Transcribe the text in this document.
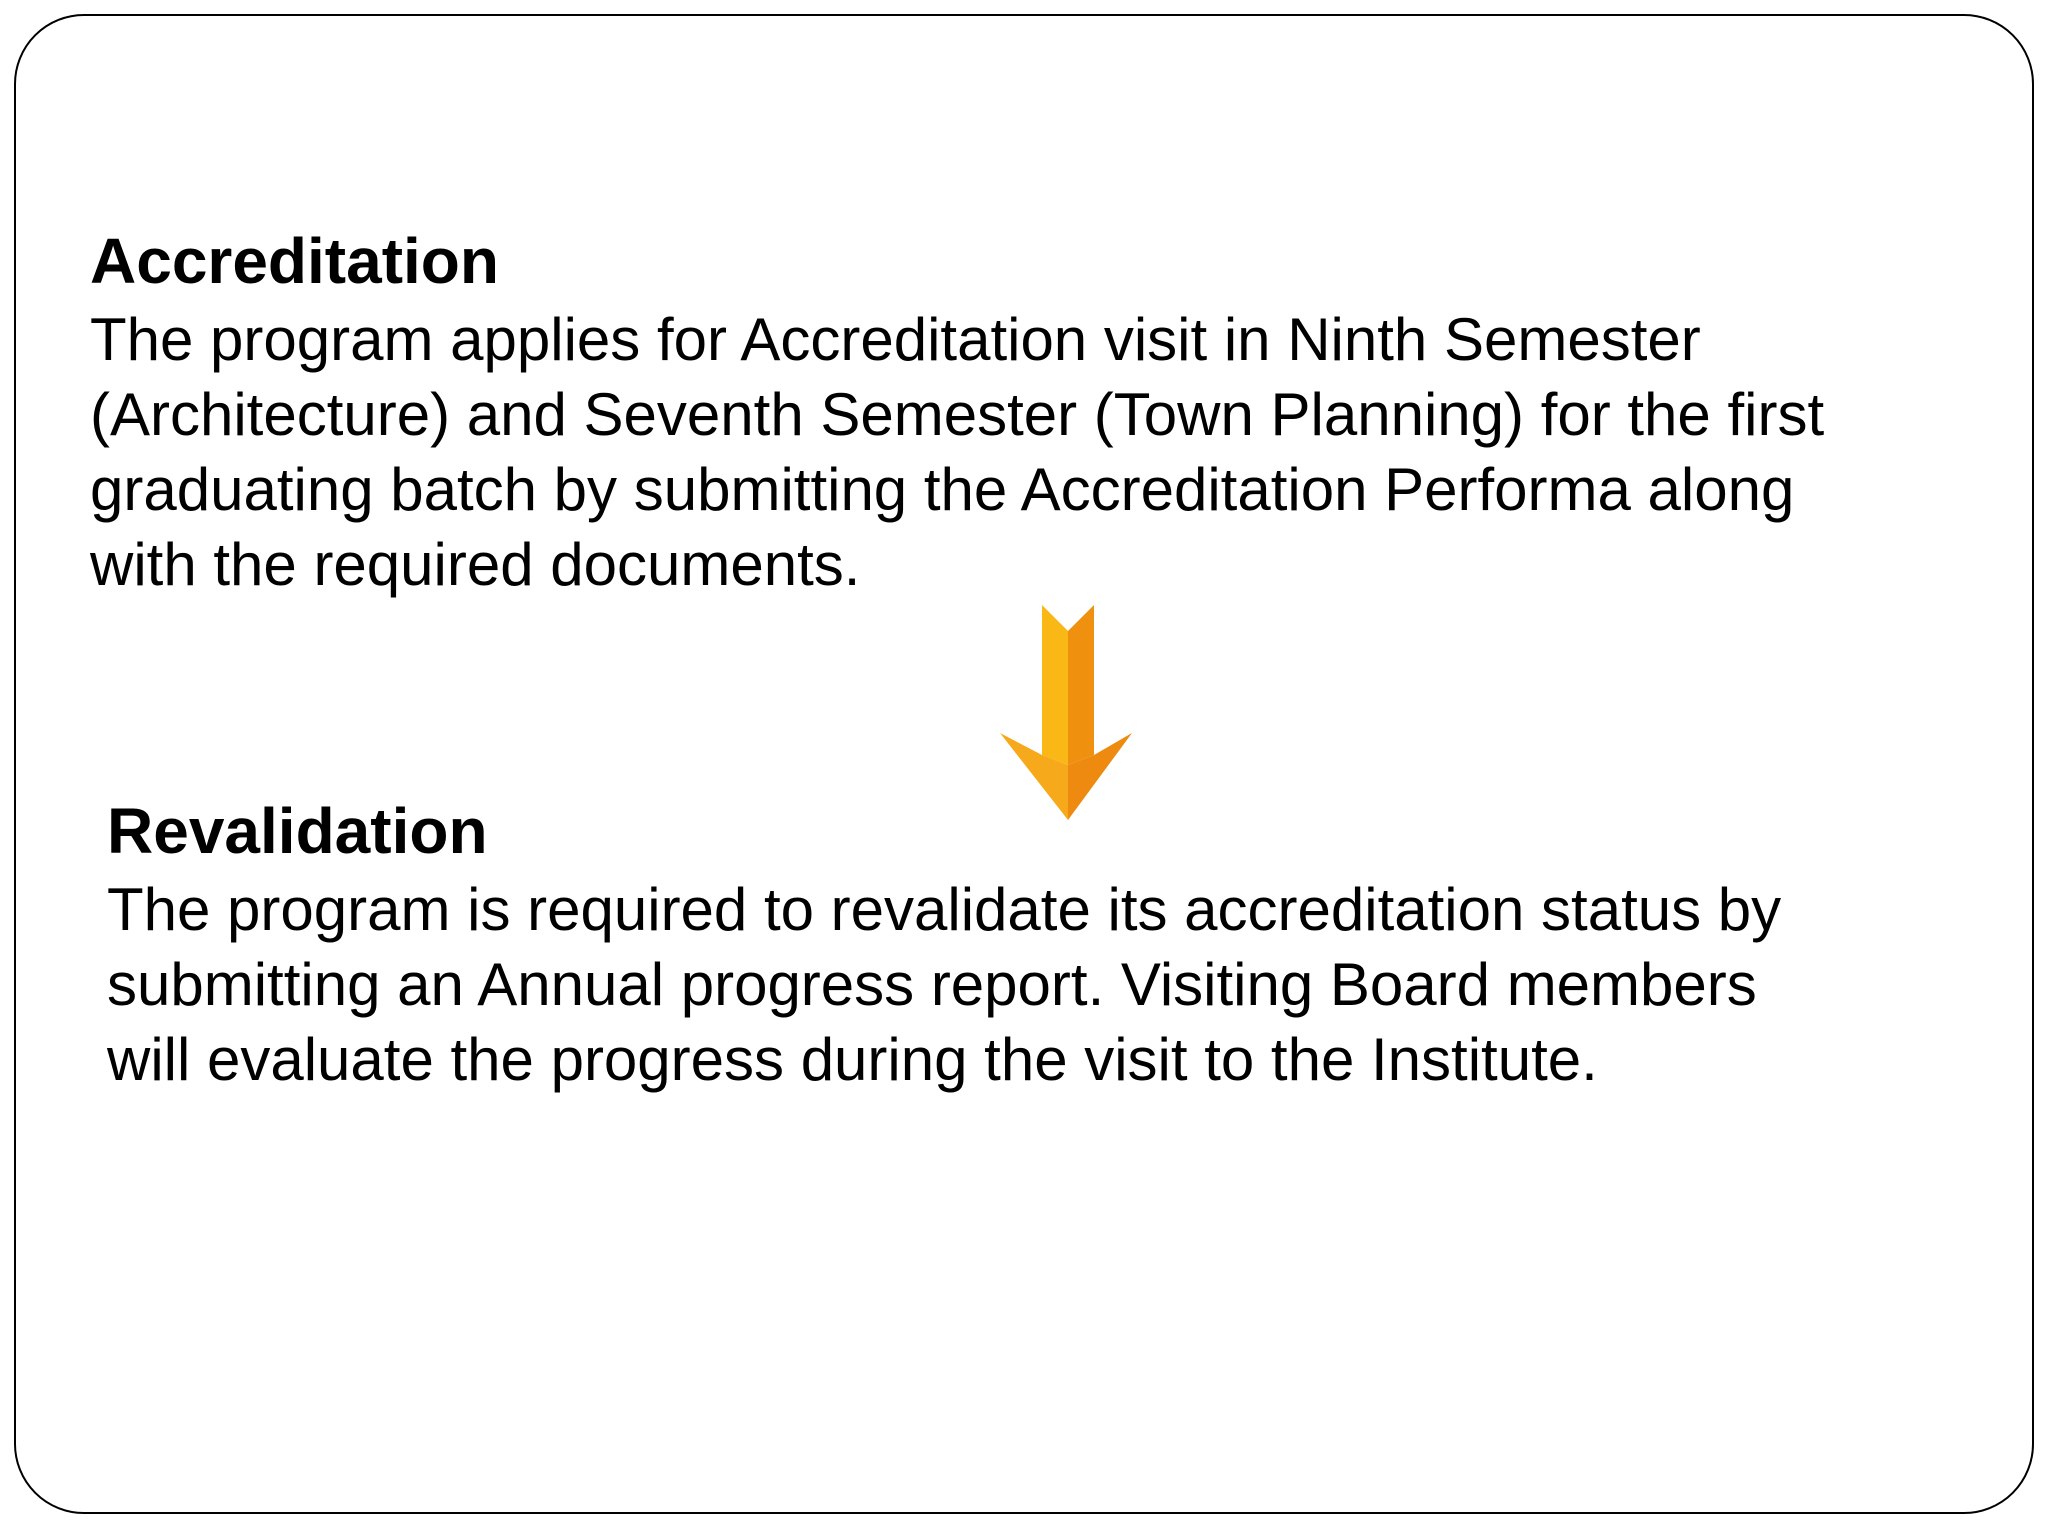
Accreditation

The program applies for Accreditation visit in Ninth Semester
(Architecture) and Seventh Semester (Town Planning) for the first
graduating batch by submitting the Accreditation Performa along
with the required documents.

Revalidation

The program is required to revalidate its accreditation status by
submitting an Annual progress report. Visiting Board members
will evaluate the progress during the visit to the Institute.
